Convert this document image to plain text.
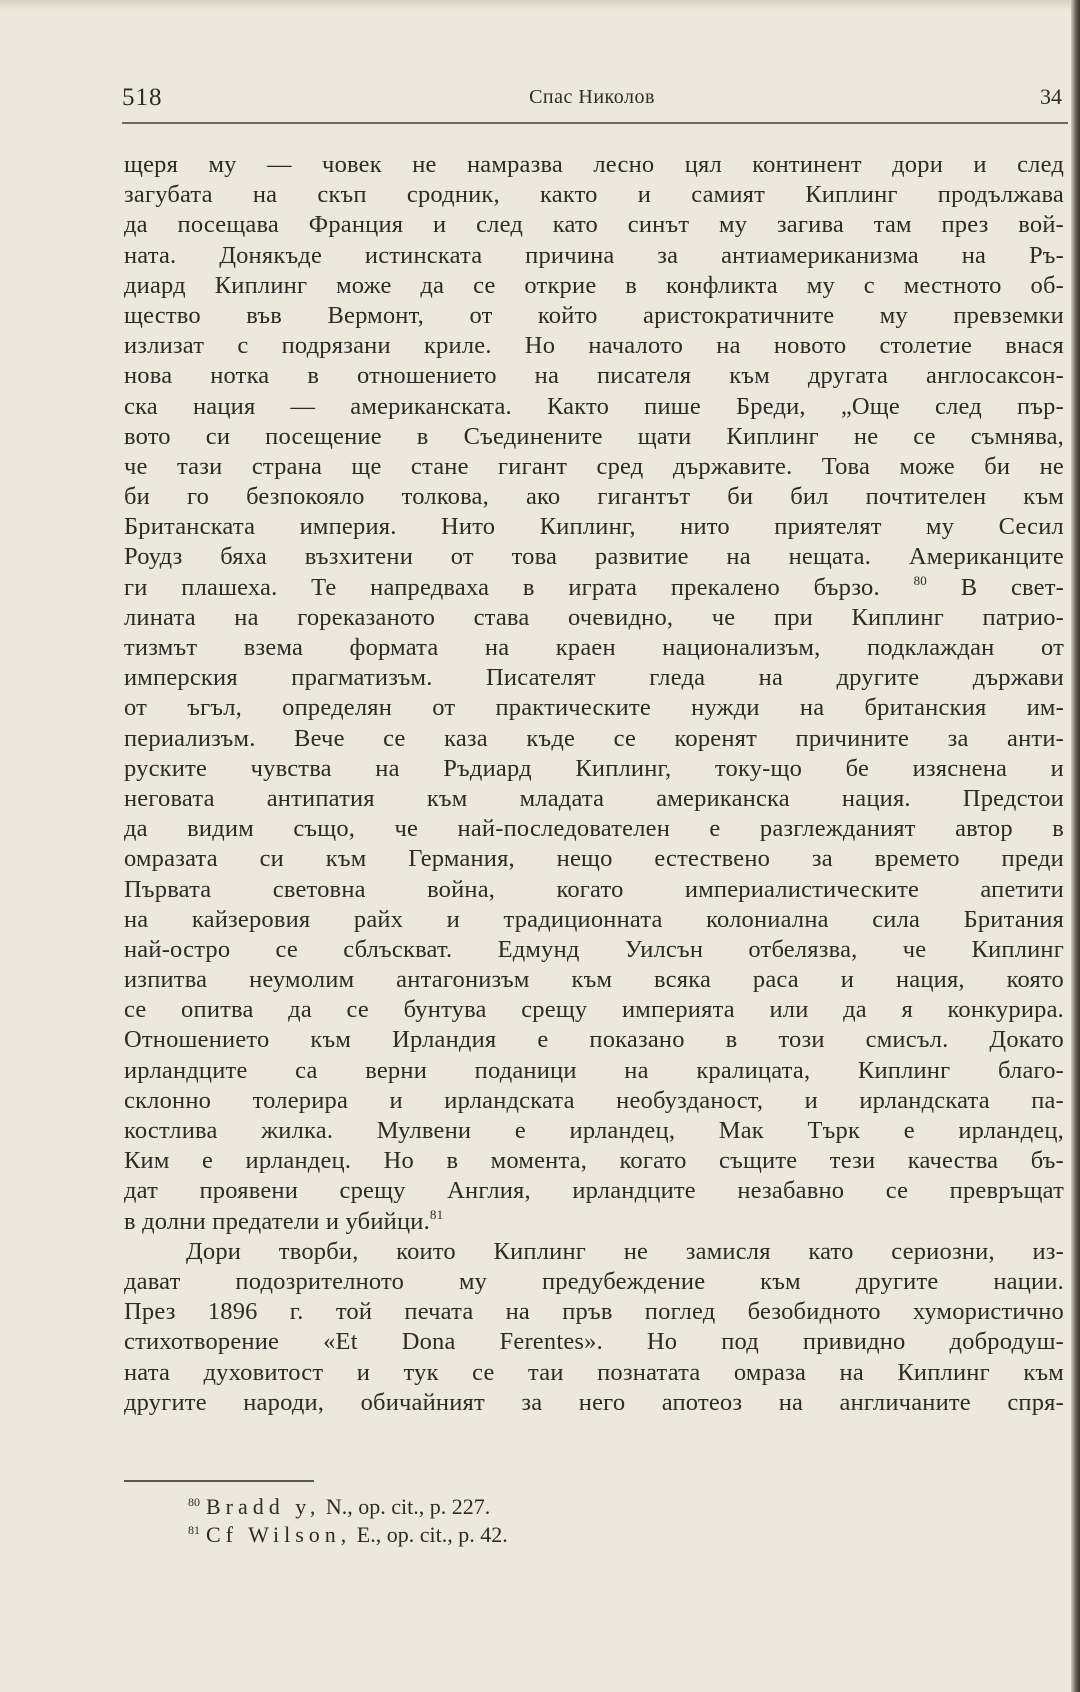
518	Спас Николов	34
щеря му — човек не намразва лесно цял континент дори и след
загубата на скъп сродник, както и самият Киплинг продължава
да посещава Франция и след като синът му загива там през вой-
ната. Донякъде истинската причина за антиамериканизма на Ръ-
диард Киплинг може да се открие в конфликта му с местното об-
щество във Вермонт, от който аристократичните му превземки
излизат с подрязани криле. Но началото на новото столетие внася
нова нотка в отношението на писателя към другата англосаксон-
ска нация — американската. Както пише Бреди, „Още след пър-
вото си посещение в Съединените щати Киплинг не се съмнява,
че тази страна ще стане гигант сред държавите. Това може би не
би го безпокояло толкова, ако гигантът би бил почтителен към
Британската империя. Нито Киплинг, нито приятелят му Сесил
Роудз бяха възхитени от това развитие на нещата. Американците
ги плашеха. Те напредваха в играта прекалено бързо.	$^{80}$ В свет-
лината на гореказаното става очевидно, че при Киплинг патрио-
тизмът взема формата на краен национализъм, подклаждан от
имперския прагматизъм. Писателят гледа на другите държави
от ъгъл, определян от практическите нужди на британския им-
периализъм. Вече се каза къде се коренят причините за анти-
руските чувства на Ръдиард Киплинг, току-що бе изяснена и
неговата антипатия към младата американска нация. Предстои
да видим също, че най-последователен е разглежданият автор в
омразата си към Германия, нещо естествено за времето преди
Първата световна война, когато империалистическите апетити
на кайзеровия райх и традиционната колониална сила Британия
най-остро се сблъскват. Едмунд Уилсън отбелязва, че Киплинг
изпитва неумолим антагонизъм към всяка раса и нация, която
се опитва да се бунтува срещу империята или да я конкурира.
Отношението към Ирландия е показано в този смисъл. Докато
ирландците са верни поданици на кралицата, Киплинг благо-
склонно толерира и ирландската необузданост, и ирландската па-
костлива жилка. Мулвени е ирландец, Мак Търк е ирландец,
Ким е ирландец. Но в момента, когато същите тези качества бъ-
дат проявени срещу Англия, ирландците незабавно се превръщат
в долни предатели и убийци.$^{81}$
Дори творби, които Киплинг не замисля като сериозни, из-
дават подозрителното му предубеждение към другите нации.
През 1896 г. той печата на пръв поглед безобидното хумористично
стихотворение «Et Dona Ferentes». Но под привидно добродуш-
ната духовитост и тук се таи познатата омраза на Киплинг към
другите народи, обичайният за него апотеоз на англичаните спря-
$^{80}$ Bradd y, N., op. cit., p. 227.
$^{81}$ Cf Wilson, E., op. cit., p. 42.
